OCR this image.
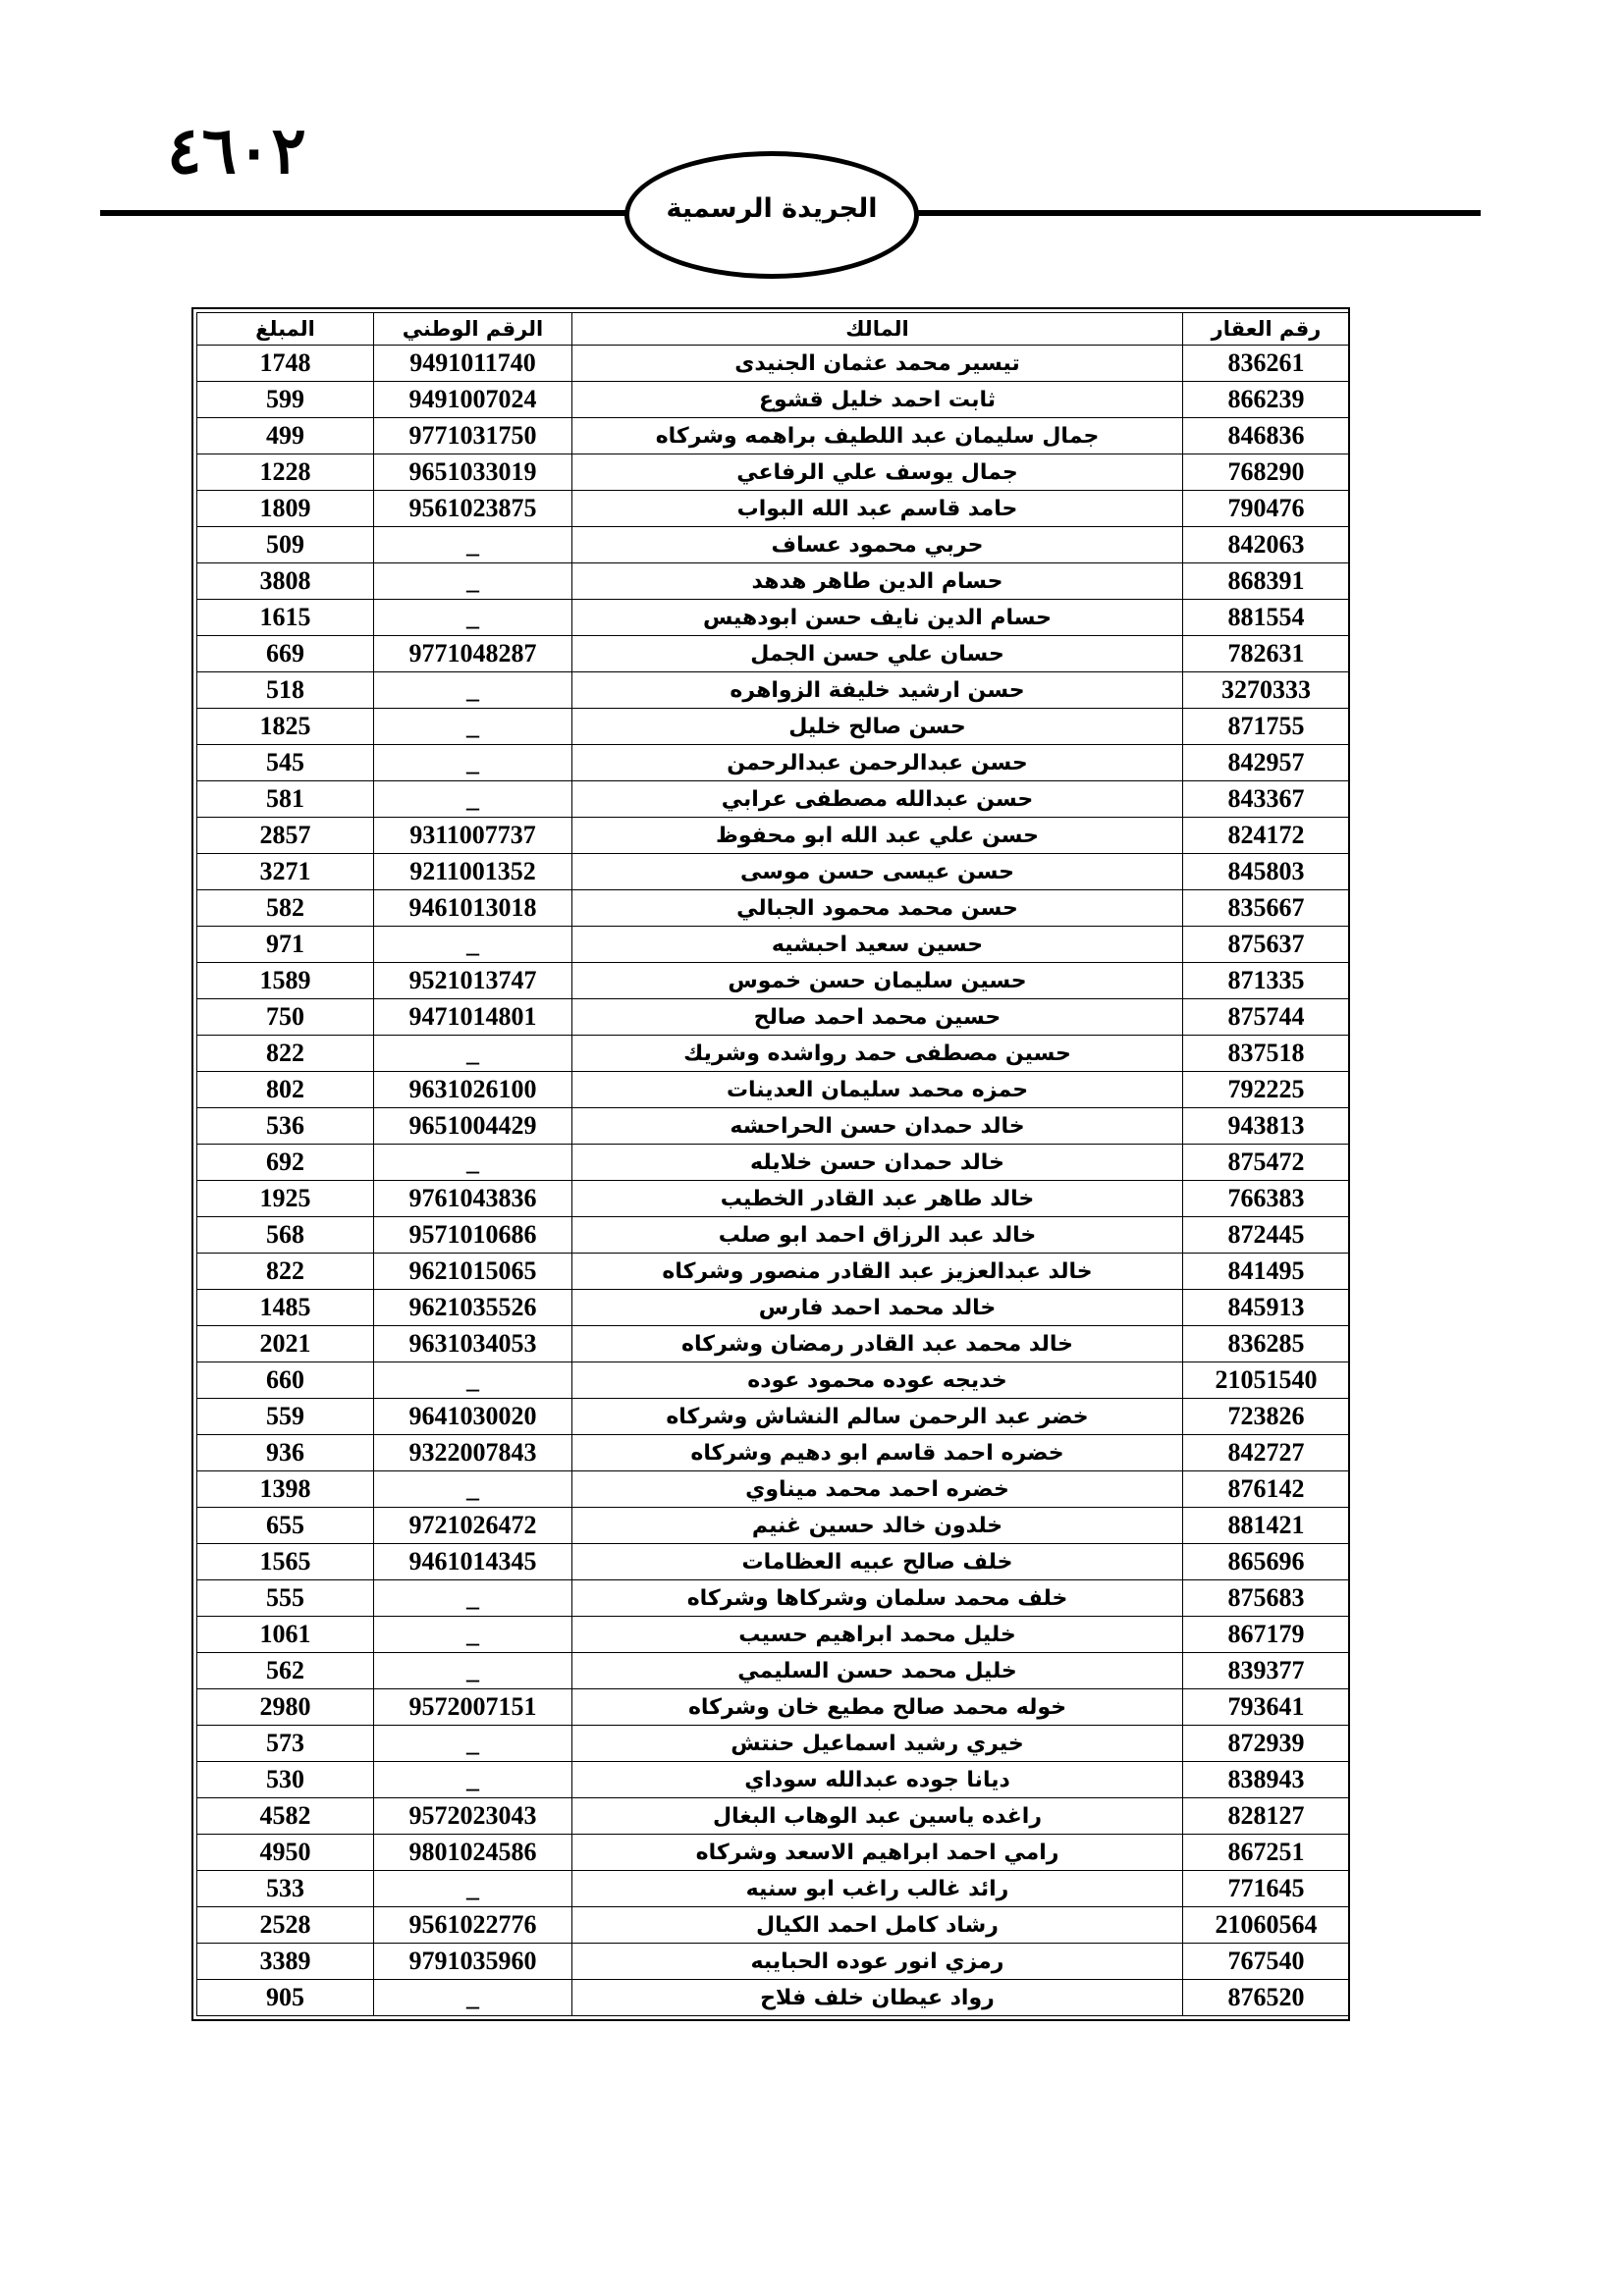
٤٦٠٢
الجريدة الرسمية
رقم العقار	المالك	الرقم الوطني	المبلغ
836261	تيسير محمد عثمان الجنيدى	9491011740	1748
866239	ثابت احمد خليل قشوع	9491007024	599
846836	جمال سليمان عبد اللطيف براهمه وشركاه	9771031750	499
768290	جمال يوسف علي الرفاعي	9651033019	1228
790476	حامد قاسم عبد الله البواب	9561023875	1809
842063	حربي محمود عساف	_	509
868391	حسام الدين طاهر هدهد	_	3808
881554	حسام الدين نايف حسن ابودهيس	_	1615
782631	حسان علي حسن الجمل	9771048287	669
3270333	حسن ارشيد خليفة الزواهره	_	518
871755	حسن صالح خليل	_	1825
842957	حسن عبدالرحمن عبدالرحمن	_	545
843367	حسن عبدالله مصطفى عرابي	_	581
824172	حسن علي عبد الله ابو محفوظ	9311007737	2857
845803	حسن عيسى حسن موسى	9211001352	3271
835667	حسن محمد محمود الجبالي	9461013018	582
875637	حسين سعيد احبشيه	_	971
871335	حسين سليمان حسن خموس	9521013747	1589
875744	حسين محمد احمد صالح	9471014801	750
837518	حسين مصطفى حمد رواشده وشريك	_	822
792225	حمزه محمد سليمان العدينات	9631026100	802
943813	خالد حمدان حسن الحراحشه	9651004429	536
875472	خالد حمدان حسن خلايله	_	692
766383	خالد طاهر عبد القادر الخطيب	9761043836	1925
872445	خالد عبد الرزاق احمد ابو صلب	9571010686	568
841495	خالد عبدالعزيز عبد القادر منصور وشركاه	9621015065	822
845913	خالد محمد احمد فارس	9621035526	1485
836285	خالد محمد عبد القادر رمضان وشركاه	9631034053	2021
21051540	خديجه عوده محمود عوده	_	660
723826	خضر عبد الرحمن سالم النشاش وشركاه	9641030020	559
842727	خضره احمد قاسم ابو دهيم وشركاه	9322007843	936
876142	خضره احمد محمد ميناوي	_	1398
881421	خلدون خالد حسين غنيم	9721026472	655
865696	خلف صالح عبيه العظامات	9461014345	1565
875683	خلف محمد سلمان وشركاها وشركاه	_	555
867179	خليل محمد ابراهيم حسيب	_	1061
839377	خليل محمد حسن السليمي	_	562
793641	خوله محمد صالح مطيع خان وشركاه	9572007151	2980
872939	خيري رشيد اسماعيل حنتش	_	573
838943	ديانا جوده عبدالله سوداي	_	530
828127	راغده ياسين عبد الوهاب البغال	9572023043	4582
867251	رامي احمد ابراهيم الاسعد وشركاه	9801024586	4950
771645	رائد غالب راغب ابو سنيه	_	533
21060564	رشاد كامل احمد الكيال	9561022776	2528
767540	رمزي انور عوده الحبايبه	9791035960	3389
876520	رواد عيطان خلف فلاح	_	905
